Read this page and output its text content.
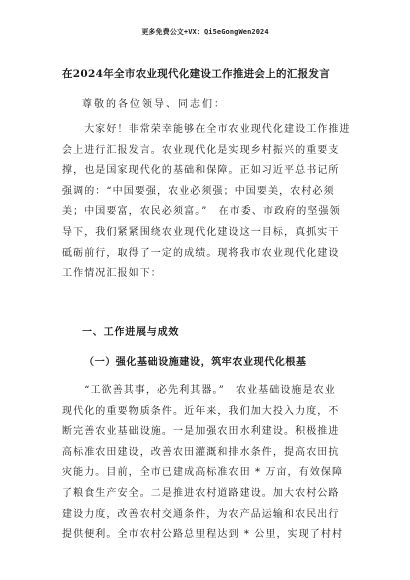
更多免费公文+VX：Qi5eGongWen2024
在2024年全市农业现代化建设工作推进会上的汇报发言
尊敬的各位领导、同志们：
　　大家好！非常荣幸能够在全市农业现代化建设工作推进
会上进行汇报发言。农业现代化是实现乡村振兴的重要支
撑，也是国家现代化的基础和保障。正如习近平总书记所
强调的：“中国要强，农业必须强；中国要美，农村必须
美；中国要富，农民必须富。”　在市委、市政府的坚强领
导下，我们紧紧围绕农业现代化建设这一目标，真抓实干
砥砺前行，取得了一定的成绩。现将我市农业现代化建设
工作情况汇报如下：
一、工作进展与成效
（一）强化基础设施建设，筑牢农业现代化根基
　　“工欲善其事，必先利其器。”　农业基础设施是农业
现代化的重要物质条件。近年来，我们加大投入力度，不
断完善农业基础设施。一是加强农田水利建设。积极推进
高标准农田建设，改善农田灌溉和排水条件，提高农田抗
灾能力。目前，全市已建成高标准农田 * 万亩，有效保障
了粮食生产安全。二是推进农村道路建设。加大农村公路
建设力度，改善农村交通条件，为农产品运输和农民出行
提供便利。全市农村公路总里程达到 * 公里，实现了村村
